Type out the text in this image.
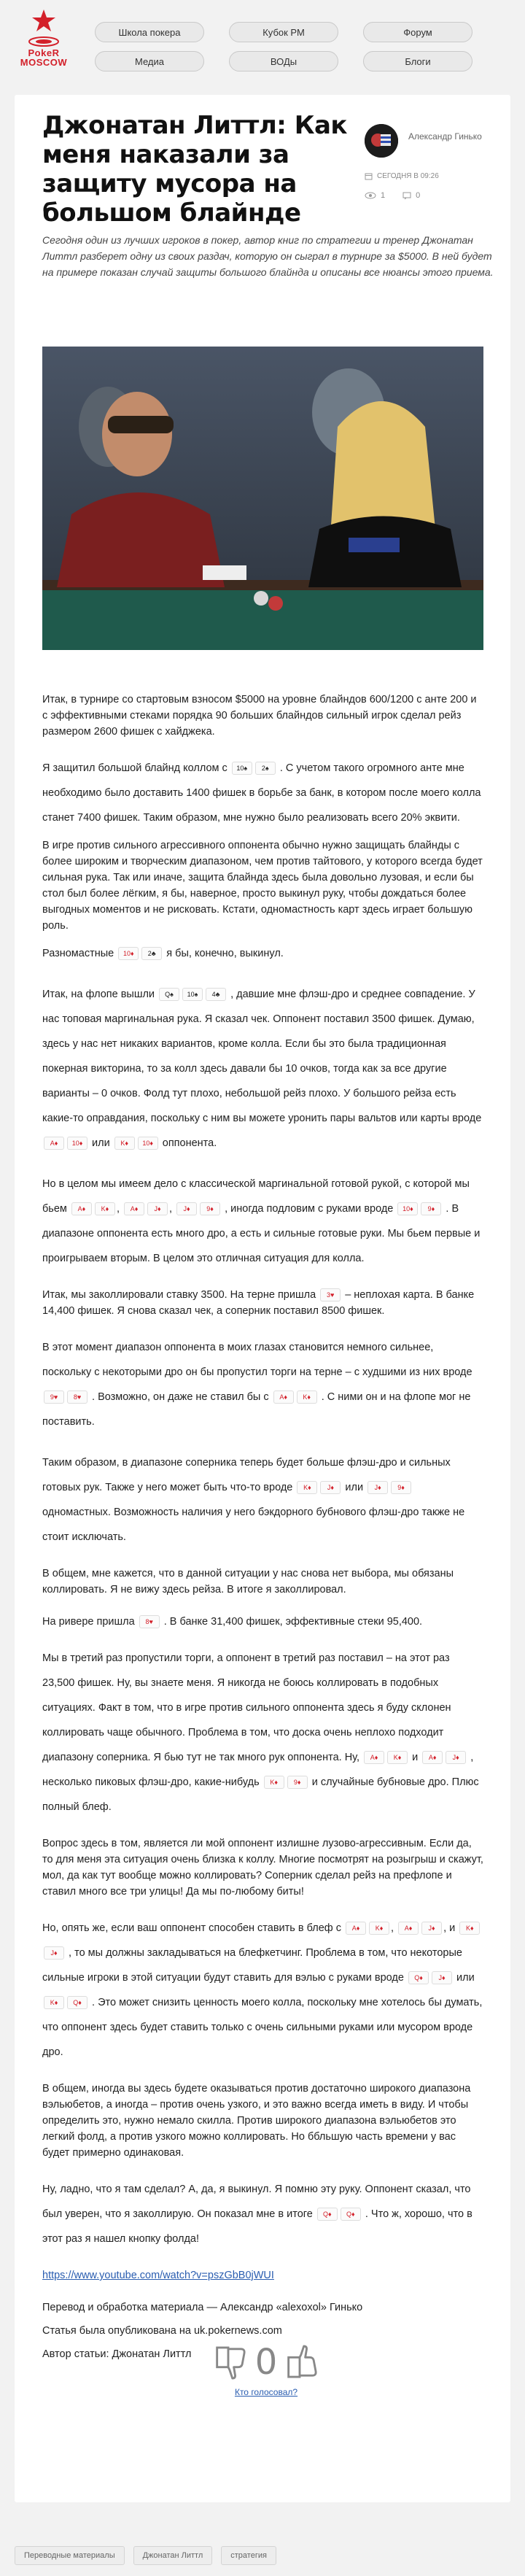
PokeR
MOSCOW
Школа покера	Кубок РМ	Форум
Медиа	ВОДы	Блоги
Джонатан Литтл: Как меня наказали за защиту мусора на большом блайнде
Александр Гинько
СЕГОДНЯ В 09:26
1	0

Сегодня один из лучших игроков в покер, автор книг по стратегии и тренер Джонатан Литтл разберет одну из своих раздач, которую он сыграл в турнире за $5000. В ней будет на примере показан случай защиты большого блайнда и описаны все нюансы этого приема.

Итак, в турнире со стартовым взносом $5000 на уровне блайндов 600/1200 с анте 200 и с эффективными стеками порядка 90 больших блайндов сильный игрок сделал рейз размером 2600 фишек с хайджека.

Я защитил большой блайнд коллом с 10♠ 2♠ . С учетом такого огромного анте мне необходимо было доставить 1400 фишек в борьбе за банк, в котором после моего колла станет 7400 фишек. Таким образом, мне нужно было реализовать всего 20% эквити.

В игре против сильного агрессивного оппонента обычно нужно защищать блайнды с более широким и творческим диапазоном, чем против тайтового, у которого всегда будет сильная рука. Так или иначе, защита блайнда здесь была довольно лузовая, и если бы стол был более лёгким, я бы, наверное, просто выкинул руку, чтобы дождаться более выгодных моментов и не рисковать. Кстати, одномастность карт здесь играет большую роль.

Разномастные 10♦ 2♣ я бы, конечно, выкинул.

Итак, на флопе вышли Q♠ 10♠ 4♣ , давшие мне флэш-дро и среднее совпадение. У нас топовая маргинальная рука. Я сказал чек. Оппонент поставил 3500 фишек. Думаю, здесь у нас нет никаких вариантов, кроме колла. Если бы это была традиционная покерная викторина, то за колл здесь давали бы 10 очков, тогда как за все другие варианты – 0 очков. Фолд тут плохо, небольшой рейз плохо. У большого рейза есть какие-то оправдания, поскольку с ним вы можете уронить пары вальтов или карты вроде A♦ 10♦ или K♦ 10♦ оппонента.

Но в целом мы имеем дело с классической маргинальной готовой рукой, с которой мы бьем A♦ K♦ , A♦ J♦ , J♦	9♦ , иногда подловим с руками вроде 10♦ 9♦ . В диапазоне оппонента есть много дро, а есть и сильные готовые руки. Мы бьем первые и проигрываем вторым. В целом это отличная ситуация для колла.

Итак, мы заколлировали ставку 3500. На терне пришла 3♥ – неплохая карта. В банке 14,400 фишек. Я снова сказал чек, а соперник поставил 8500 фишек.

В этот момент диапазон оппонента в моих глазах становится немного сильнее, поскольку с некоторыми дро он бы пропустил торги на терне – с худшими из них вроде 9♥ 8♥ . Возможно, он даже не ставил бы с A♦ K♦ . С ними он и на флопе мог не поставить.

Таким образом, в диапазоне соперника теперь будет больше флэш-дро и сильных готовых рук. Также у него может быть что-то вроде K♦ J♦ или J♦	9♦ одномастных. Возможность наличия у него бэкдорного бубнового флэш-дро также не стоит исключать.

В общем, мне кажется, что в данной ситуации у нас снова нет выбора, мы обязаны коллировать. Я не вижу здесь рейза. В итоге я заколлировал.

На ривере пришла 8♥ . В банке 31,400 фишек, эффективные стеки 95,400.

Мы в третий раз пропустили торги, а оппонент в третий раз поставил – на этот раз 23,500 фишек. Ну, вы знаете меня. Я никогда не боюсь коллировать в подобных ситуациях. Факт в том, что в игре против сильного оппонента здесь я буду склонен коллировать чаще обычного. Проблема в том, что доска очень неплохо подходит диапазону соперника. Я бью тут не так много рук оппонента. Ну, A♦ K♦ и A♦ J♦ , несколько пиковых флэш-дро, какие-нибудь K♦ 9♦ и случайные бубновые дро. Плюс полный блеф.

Вопрос здесь в том, является ли мой оппонент излишне лузово-агрессивным. Если да, то для меня эта ситуация очень близка к коллу. Многие посмотрят на розыгрыш и скажут, мол, да как тут вообще можно коллировать? Соперник сделал рейз на префлопе и ставил много все три улицы! Да мы по-любому биты!

Но, опять же, если ваш оппонент способен ставить в блеф с A♦ K♦ , A♦ J♦ , и K♦J♦ , то мы должны закладываться на блефкетчинг. Проблема в том, что некоторые сильные игроки в этой ситуации будут ставить для вэлью с руками вроде Q♦ J♦ или K♦ Q♦ . Это может снизить ценность моего колла, поскольку мне хотелось бы думать, что оппонент здесь будет ставить только с очень сильными руками или мусором вроде дро.

В общем, иногда вы здесь будете оказываться против достаточно широкого диапазона вэльюбетов, а иногда – против очень узкого, и это важно всегда иметь в виду. И чтобы определить это, нужно немало скилла. Против широкого диапазона вэльюбетов это легкий фолд, а против узкого можно коллировать. Но ббльшую часть времени у вас будет примерно одинаковая.

Ну, ладно, что я там сделал? А, да, я выкинул. Я помню эту руку. Оппонент сказал, что был уверен, что я заколлирую. Он показал мне в итоге Q♦ Q♦ . Что ж, хорошо, что в этот раз я нашел кнопку фолда!

https://www.youtube.com/watch?v=pszGbB0jWUI

Перевод и обработка материала — Александр «alexoxol» Гинько

Статья была опубликована на uk.pokernews.com

Автор статьи: Джонатан Литтл	0
Кто голосовал?
Переводные материалы	Джонатан Литтл	стратегия
